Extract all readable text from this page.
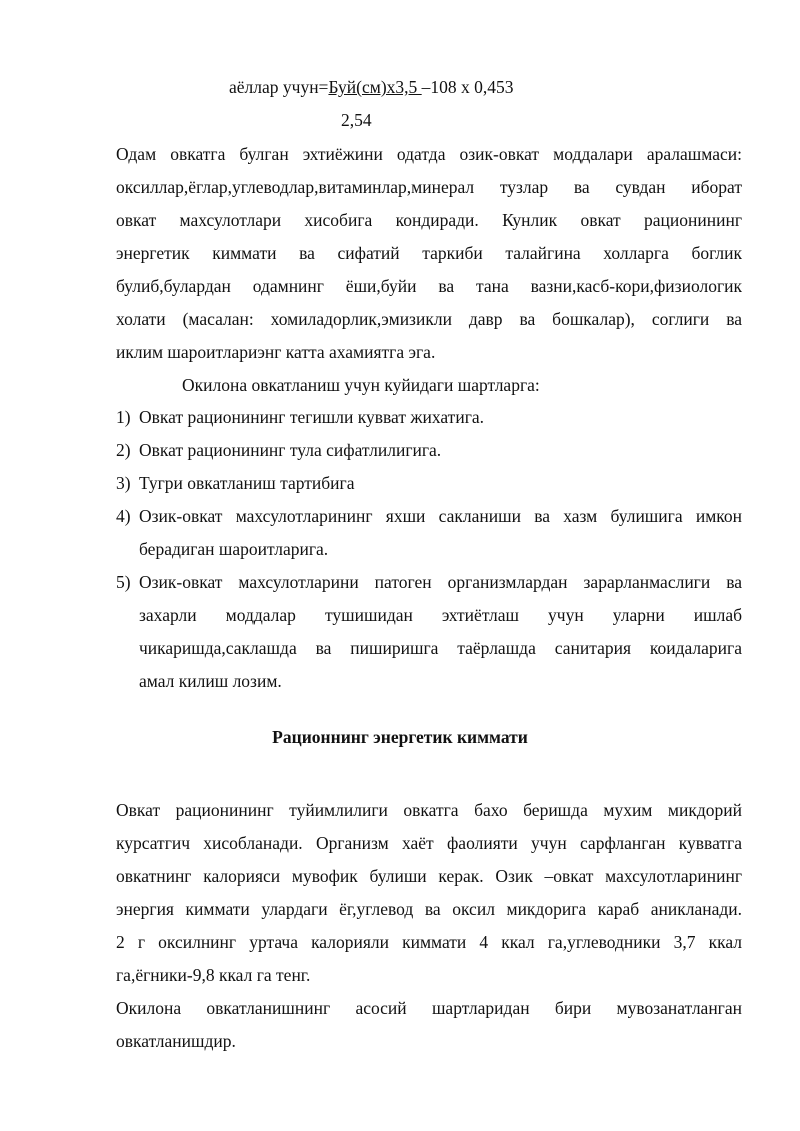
аёллар учун=Буй(см)х3,5 –108 х 0,453
2,54
Одам овкатга булган эхтиёжини одатда озик-овкат моддалари аралашмаси:
оксиллар,ёглар,углеводлар,витаминлар,минерал тузлар ва сувдан иборат
овкат махсулотлари хисобига кондиради. Кунлик овкат рационининг
энергетик киммати ва сифатий таркиби талайгина холларга боглик
булиб,булардан одамнинг ёши,буйи ва тана вазни,касб-кори,физиологик
холати (масалан: хомиладорлик,эмизикли давр ва бошкалар), соглиги ва
иклим шароитлариэнг катта ахамиятга эга.
Окилона овкатланиш учун куйидаги шартларга:
1) Овкат рационининг тегишли кувват жихатига.
2) Овкат рационининг тула сифатлилигига.
3) Тугри овкатланиш тартибига
4) Озик-овкат махсулотларининг яхши сакланиши ва хазм булишига имкон
берадиган шароитларига.
5) Озик-овкат махсулотларини патоген организмлардан зарарланмаслиги ва
захарли моддалар тушишидан эхтиётлаш учун уларни ишлаб
чикаришда,саклашда ва пиширишга таёрлашда санитария коидаларига
амал килиш лозим.
Рационнинг энергетик киммати
Овкат рационининг туйимлилиги овкатга бахо беришда мухим микдорий
курсатгич хисобланади. Организм хаёт фаолияти учун сарфланган кувватга
овкатнинг калорияси мувофик булиши керак. Озик –овкат махсулотларининг
энергия киммати улардаги ёг,углевод ва оксил микдорига караб аникланади.
2 г оксилнинг уртача калорияли киммати 4 ккал га,углеводники 3,7 ккал
га,ёгники-9,8 ккал га тенг.
Окилона овкатланишнинг асосий шартларидан бири мувозанатланган
овкатланишдир.
